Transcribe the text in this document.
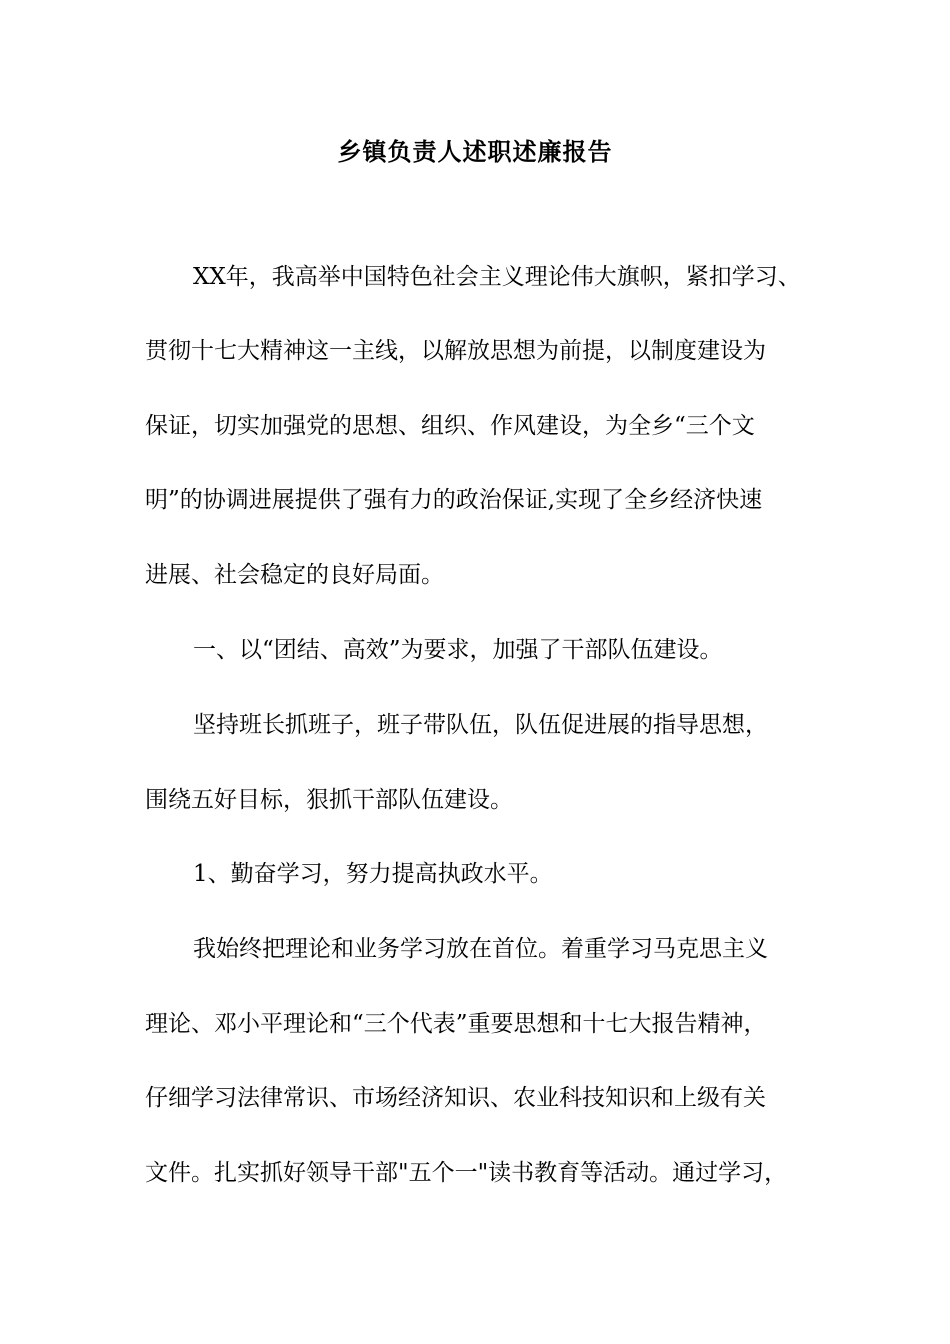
乡镇负责人述职述廉报告
XX年，我高举中国特色社会主义理论伟大旗帜，紧扣学习、
贯彻十七大精神这一主线，以解放思想为前提，以制度建设为
保证，切实加强党的思想、组织、作风建设，为全乡“三个文
明”的协调进展提供了强有力的政治保证,实现了全乡经济快速
进展、社会稳定的良好局面。
一、以“团结、高效”为要求，加强了干部队伍建设。
坚持班长抓班子，班子带队伍，队伍促进展的指导思想，
围绕五好目标，狠抓干部队伍建设。
1、勤奋学习，努力提高执政水平。
我始终把理论和业务学习放在首位。着重学习马克思主义
理论、邓小平理论和“三个代表”重要思想和十七大报告精神，
仔细学习法律常识、市场经济知识、农业科技知识和上级有关
文件。扎实抓好领导干部"五个一"读书教育等活动。通过学习，
